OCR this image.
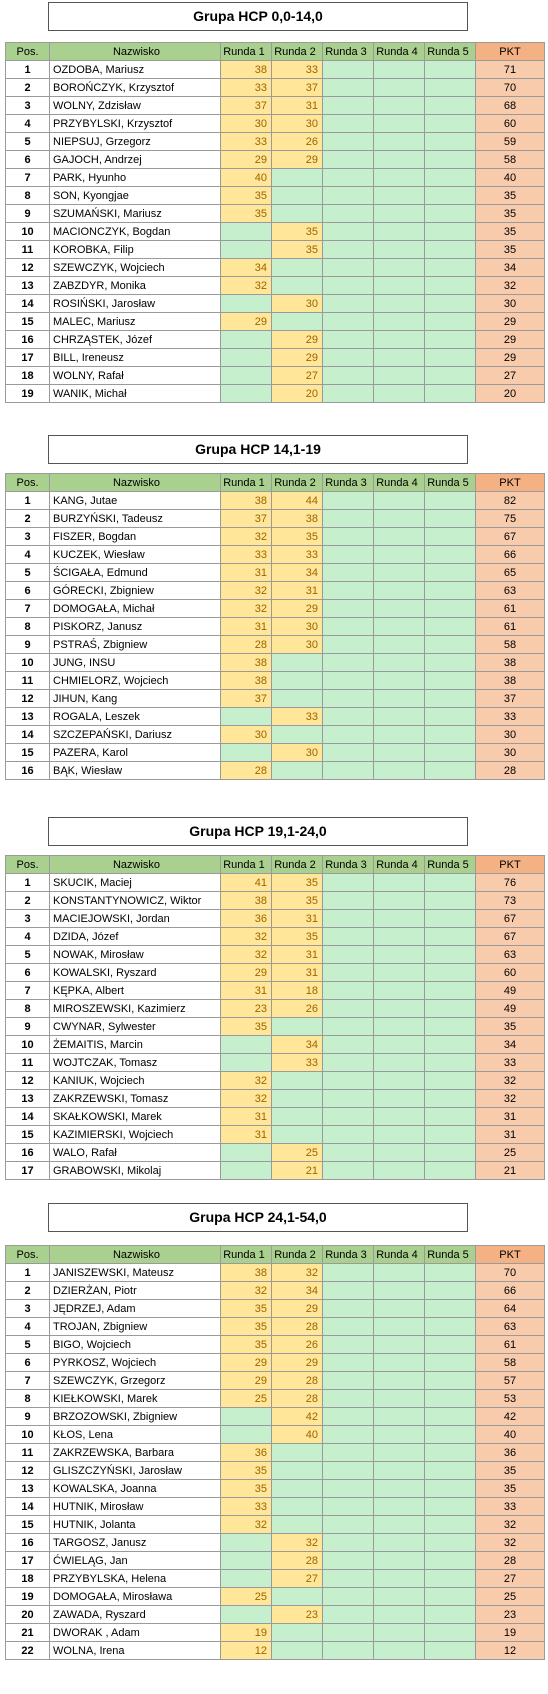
Grupa HCP 0,0-14,0
Pos.	Nazwisko	Runda 1	Runda 2	Runda 3	Runda 4	Runda 5	PKT
1	OZDOBA, Mariusz	38	33				71
2	BOROŃCZYK, Krzysztof	33	37				70
3	WOLNY, Zdzisław	37	31				68
4	PRZYBYLSKI, Krzysztof	30	30				60
5	NIEPSUJ, Grzegorz	33	26				59
6	GAJOCH, Andrzej	29	29				58
7	PARK, Hyunho	40					40
8	SON, Kyongjae	35					35
9	SZUMAŃSKI, Mariusz	35					35
10	MACIONCZYK, Bogdan		35				35
11	KOROBKA, Filip		35				35
12	SZEWCZYK, Wojciech	34					34
13	ZABZDYR, Monika	32					32
14	ROSIŃSKI, Jarosław		30				30
15	MALEC, Mariusz	29					29
16	CHRZĄSTEK, Józef		29				29
17	BILL, Ireneusz		29				29
18	WOLNY, Rafał		27				27
19	WANIK, Michał		20				20
Grupa HCP 14,1-19
Pos.	Nazwisko	Runda 1	Runda 2	Runda 3	Runda 4	Runda 5	PKT
1	KANG, Jutae	38	44				82
2	BURZYŃSKI, Tadeusz	37	38				75
3	FISZER, Bogdan	32	35				67
4	KUCZEK, Wiesław	33	33				66
5	ŚCIGAŁA, Edmund	31	34				65
6	GÓRECKI, Zbigniew	32	31				63
7	DOMOGAŁA, Michał	32	29				61
8	PISKORZ, Janusz	31	30				61
9	PSTRAŚ, Zbigniew	28	30				58
10	JUNG, INSU	38					38
11	CHMIELORZ, Wojciech	38					38
12	JIHUN, Kang	37					37
13	ROGALA, Leszek		33				33
14	SZCZEPAŃSKI, Dariusz	30					30
15	PAZERA, Karol		30				30
16	BĄK, Wiesław	28					28
Grupa HCP 19,1-24,0
Pos.	Nazwisko	Runda 1	Runda 2	Runda 3	Runda 4	Runda 5	PKT
1	SKUCIK, Maciej	41	35				76
2	KONSTANTYNOWICZ, Wiktor	38	35				73
3	MACIEJOWSKI, Jordan	36	31				67
4	DZIDA, Józef	32	35				67
5	NOWAK, Mirosław	32	31				63
6	KOWALSKI, Ryszard	29	31				60
7	KĘPKA, Albert	31	18				49
8	MIROSZEWSKI, Kazimierz	23	26				49
9	CWYNAR, Sylwester	35					35
10	ŻEMAITIS, Marcin		34				34
11	WOJTCZAK, Tomasz		33				33
12	KANIUK, Wojciech	32					32
13	ZAKRZEWSKI, Tomasz	32					32
14	SKAŁKOWSKI, Marek	31					31
15	KAZIMIERSKI, Wojciech	31					31
16	WALO, Rafał		25				25
17	GRABOWSKI, Mikolaj		21				21
Grupa HCP 24,1-54,0
Pos.	Nazwisko	Runda 1	Runda 2	Runda 3	Runda 4	Runda 5	PKT
1	JANISZEWSKI, Mateusz	38	32				70
2	DZIERŻAN, Piotr	32	34				66
3	JĘDRZEJ, Adam	35	29				64
4	TROJAN, Zbigniew	35	28				63
5	BIGO, Wojciech	35	26				61
6	PYRKOSZ, Wojciech	29	29				58
7	SZEWCZYK, Grzegorz	29	28				57
8	KIEŁKOWSKI, Marek	25	28				53
9	BRZOZOWSKI, Zbigniew		42				42
10	KŁOS, Lena		40				40
11	ZAKRZEWSKA, Barbara	36					36
12	GLISZCZYŃSKI, Jarosław	35					35
13	KOWALSKA, Joanna	35					35
14	HUTNIK, Mirosław	33					33
15	HUTNIK, Jolanta	32					32
16	TARGOSZ, Janusz		32				32
17	ĆWIELĄG, Jan		28				28
18	PRZYBYLSKA, Helena		27				27
19	DOMOGAŁA, Mirosława	25					25
20	ZAWADA, Ryszard		23				23
21	DWORAK , Adam	19					19
22	WOLNA, Irena	12					12
